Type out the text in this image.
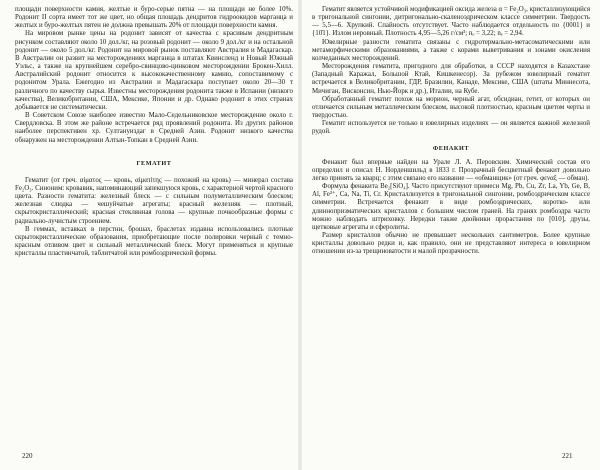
площади поверхности камня, желтые и буро-серые пятна — на площади не более 10%. Родонит II сорта имеет тот же цвет, но общая площадь дендритов гидроокидов марганца и желтых и буро-желтых пятен не должна превышать 20% от площади поверхности камня.

На мировом рынке цены на родонит зависят от качества с красивым дендритным рисунком составляют около 10 дол./кг, на розовый родонит — около 9 дол./кг и на остальной родонит — около 5 дол./кг. Родонит на мировой рынок поставляют Австралия и Мадагаскар. В Австралии он развит на месторождениях марганца в штатах Квинсленд и Новый Южный Уэльс, а также на крупнейшем серебро-свинцово-цинковом месторождении Брокен-Хилл. Австралийский родонит относится к высококачественному камню, сопоставимому с родонитом Урала. Ежегодно из Австралии и Мадагаскара поступает около 20—30 т различного по качеству сырья. Известны месторождения родонита также в Испании (низкого качества), Великобритании, США, Мексике, Японии и др. Однако родонит в этих странах добывается не систематически.

В Советском Союзе наиболее известно Мало-Седельниковское месторождение около г. Свердловска. В этом же районе встречается ряд проявлений родонита. Из других районов наиболее перспективен хр. Султануиздаг в Средней Азии. Родонит низкого качества обнаружен на месторождении Алтын-Топкан в Средней Азии.

ГЕМАТИТ

Гематит (от греч. αἱματος — кровь, αἱματίτης — похожий на кровь) — минерал состава Fe₂O₃. Синоним: кровавик, напоминающий запекшуюся кровь, с характерной чертой красного цвета. Разности гематита: железный блеск — с сильным полуметаллическим блеском; железная слюдка — чешуйчатые агрегаты; красный железняк — плотный, скрытокристаллический; красная стеклянная голова — крупные почкообразные формы с радиально-лучистым строением.

В геммах, вставках в перстни, брошах, браслетах издавна использовались плотные скрытокристаллические образования, приобретающие после полировки черный с темно-красным отливом цвет и сильный металлический блеск. Могут применяться и крупные кристаллы пластинчатой, таблитчатой или ромбоэдрической формы.

Гематит является устойчивой модификацией оксида железа α = Fe₂O₃, кристаллизующийся в тригональной сингонии, дитригонально-скаленоэдрическом классе симметрии. Твердость — 5,5—6. Хрупкий. Спайность отсутствует. Часто наблюдается отдельность по {0001} и {10̄1}. Излом неровный. Плотность 4,95—5,26 г/см³; nₒ = 3,22; nₑ = 2,94.

Ювелирные разности гематита связаны с гидротермально-метасоматическими или метаморфическими образованиями, а также с корами выветривания и зонами окисления колчеданных месторождений.

Месторождения гематита, пригодного для обработки, в СССР находятся в Казахстане (Западный Каражал, Большой Ктай, Кишкенесор). За рубежом ювелирный гематит встречается в Великобритании, ГДР, Бразилии, Канаде, Мексике, США (штаты Миннесота, Мичиган, Висконсин, Нью-Йорк и др.), Италии, на Кубе.

Обработанный гематит похож на морион, черный агат, обсидиан, гетит, от которых он отличается сильным металлическим блеском, высокой плотностью, красным цветом черты и твердостью.

Гематит используется не только в ювелирных изделиях — он является важной железной рудой.

ФЕНАКИТ

Фенакит был впервые найден на Урале Л. А. Перовским. Химический состав его определил и описал Н. Норденшильд в 1833 г. Прозрачный бесцветный фенакит довольно легко принять за кварц; с этим связано его название — «обманщик» (от греч. φεναξ — обман).

Формула фенакита Be₂[SiO₄]. Часто присутствуют примеси Mg, Pb, Cu, Zr, La, Yb, Ge, B, Al, Fe³⁺, Ca, Na, Ti, Cr. Кристаллизуется в тригональной сингонии, ромбоэдрическом классе симметрии. Встречается фенакит в виде ромбоэдрических, коротко- или длиннопризматических кристаллов с большим числом граней. На гранях ромбоэдра часто можно наблюдать штриховку. Нередки также двойники прорастания по [010], друзы, щетковые агрегаты и сферолиты.

Размер кристаллов обычно не превышает нескольких сантиметров. Более крупные кристаллы довольно редки и, как правило, они не представляют интереса в ювелирном отношении из-за трещиноватости и малой прозрачности.

220	221
